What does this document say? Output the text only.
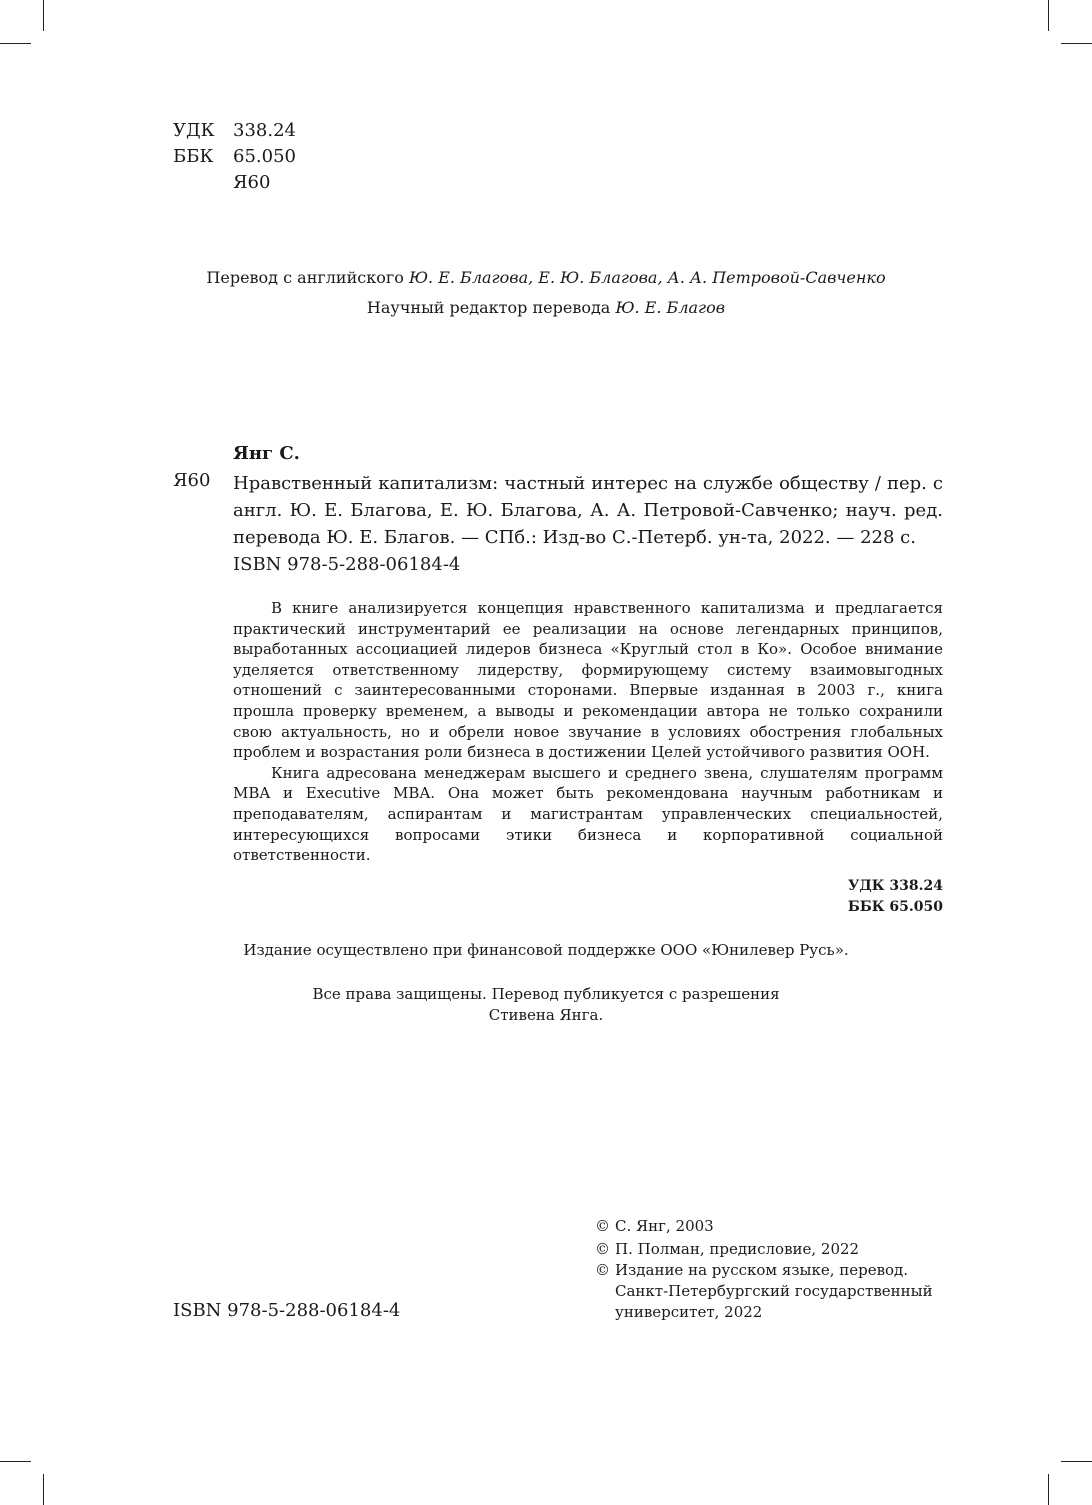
УДК	338.24
ББК	65.050
Я60
Перевод с английского Ю. Е. Благова, Е. Ю. Благова, А. А. Петровой-Савченко
Научный редактор перевода Ю. Е. Благов
Янг С.
Я60 Нравственный капитализм: частный интерес на службе обществу / пер. с англ. Ю. Е. Благова, Е. Ю. Благова, А. А. Петровой-Савченко; науч. ред. перевода Ю. Е. Благов. — СПб.: Изд-во С.-Петерб. ун-та, 2022. — 228 с.
ISBN 978-5-288-06184-4

В книге анализируется концепция нравственного капитализма и предлагается практический инструментарий ее реализации на основе легендарных принципов, выработанных ассоциацией лидеров бизнеса «Круглый стол в Ко». Особое внимание уделяется ответственному лидерству, формирующему систему взаимовыгодных отношений с заинтересованными сторонами. Впервые изданная в 2003 г., книга прошла проверку временем, а выводы и рекомендации автора не только сохранили свою актуальность, но и обрели новое звучание в условиях обострения глобальных проблем и возрастания роли бизнеса в достижении Целей устойчивого развития ООН.

Книга адресована менеджерам высшего и среднего звена, слушателям программ MBA и Executive MBA. Она может быть рекомендована научным работникам и преподавателям, аспирантам и магистрантам управленческих специальностей, интересующихся вопросами этики бизнеса и корпоративной социальной ответственности.

УДК 338.24
ББК 65.050
Издание осуществлено при финансовой поддержке ООО «Юнилевер Русь».
Все права защищены. Перевод публикуется с разрешения
Стивена Янга.
ISBN 978-5-288-06184-4
© С. Янг, 2003
© П. Полман, предисловие, 2022
© Издание на русском языке, перевод.
Санкт-Петербургский государственный
университет, 2022
